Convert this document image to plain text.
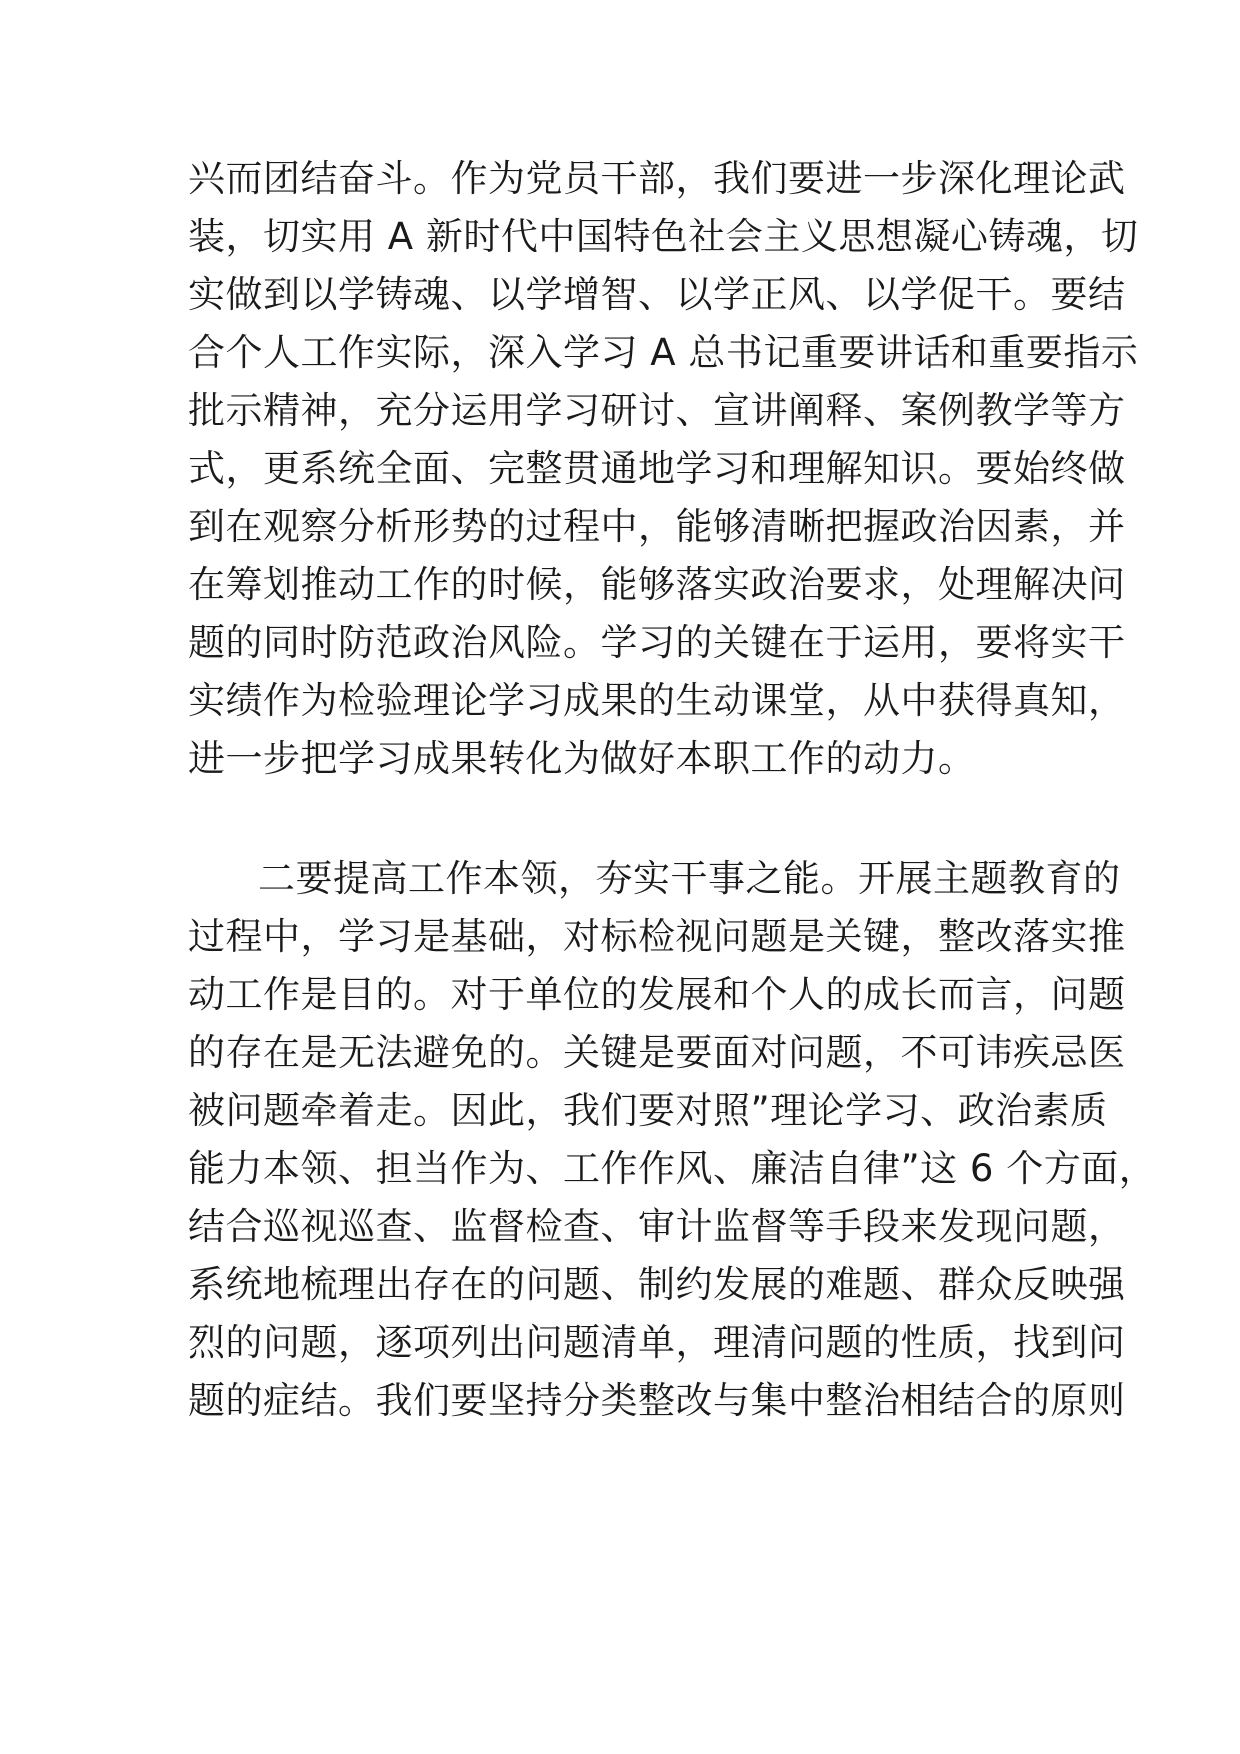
兴而团结奋斗。作为党员干部，我们要进一步深化理论武
装，切实用 A 新时代中国特色社会主义思想凝心铸魂，切
实做到以学铸魂、以学增智、以学正风、以学促干。要结
合个人工作实际，深入学习 A 总书记重要讲话和重要指示
批示精神，充分运用学习研讨、宣讲阐释、案例教学等方
式，更系统全面、完整贯通地学习和理解知识。要始终做
到在观察分析形势的过程中，能够清晰把握政治因素，并
在筹划推动工作的时候，能够落实政治要求，处理解决问
题的同时防范政治风险。学习的关键在于运用，要将实干
实绩作为检验理论学习成果的生动课堂，从中获得真知，
进一步把学习成果转化为做好本职工作的动力。
二要提高工作本领，夯实干事之能。开展主题教育的
过程中，学习是基础，对标检视问题是关键，整改落实推
动工作是目的。对于单位的发展和个人的成长而言，问题
的存在是无法避免的。关键是要面对问题，不可讳疾忌医
被问题牵着走。因此，我们要对照”理论学习、政治素质
能力本领、担当作为、工作作风、廉洁自律”这 6 个方面，
结合巡视巡查、监督检查、审计监督等手段来发现问题，
系统地梳理出存在的问题、制约发展的难题、群众反映强
烈的问题，逐项列出问题清单，理清问题的性质，找到问
题的症结。我们要坚持分类整改与集中整治相结合的原则
